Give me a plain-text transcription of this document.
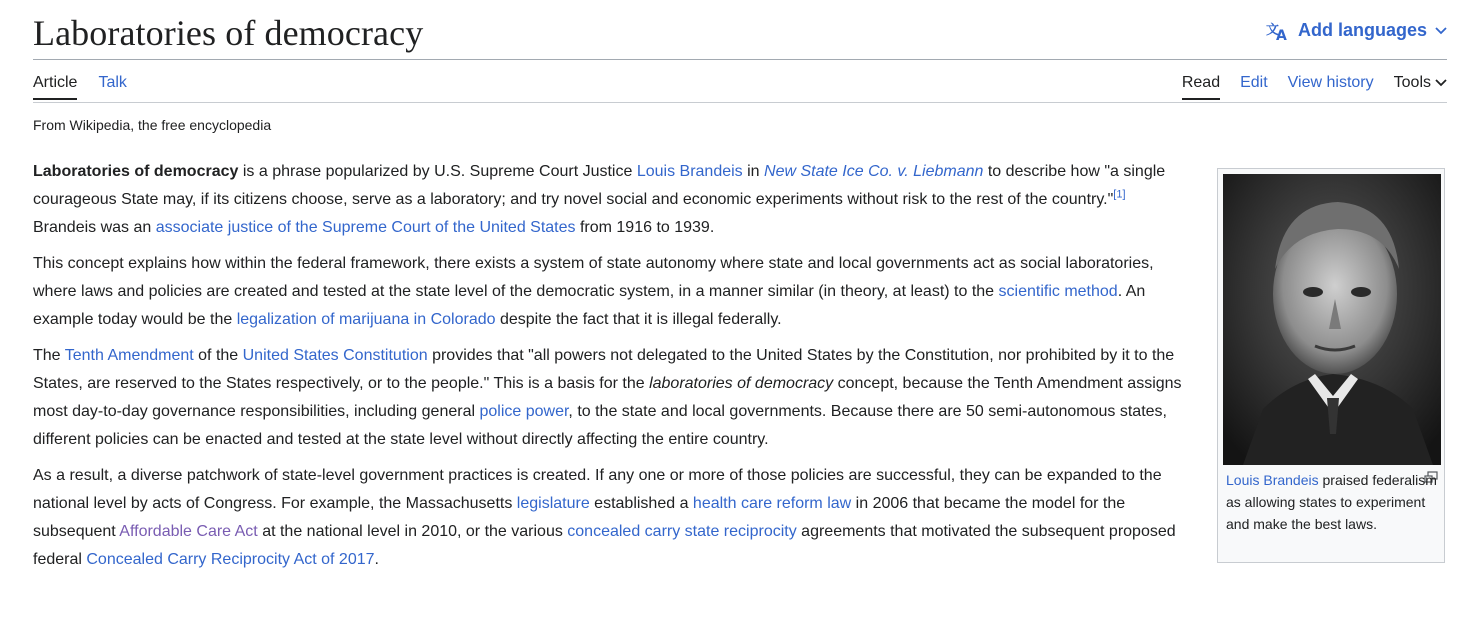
Laboratories of democracy	文
A Add languages
Article Talk	Read Edit View history Tools
From Wikipedia, the free encyclopedia

Laboratories of democracy is a phrase popularized by U.S. Supreme Court Justice Louis Brandeis in New State Ice Co. v. Liebmann to describe how "a single courageous State may, if its citizens choose, serve as a laboratory; and try novel social and economic experiments without risk to the rest of the country."[1] Brandeis was an associate justice of the Supreme Court of the United States from 1916 to 1939.

This concept explains how within the federal framework, there exists a system of state autonomy where state and local governments act as social laboratories, where laws and policies are created and tested at the state level of the democratic system, in a manner similar (in theory, at least) to the scientific method. An example today would be the legalization of marijuana in Colorado despite the fact that it is illegal federally.

The Tenth Amendment of the United States Constitution provides that "all powers not delegated to the United States by the Constitution, nor prohibited by it to the States, are reserved to the States respectively, or to the people." This is a basis for the laboratories of democracy concept, because the Tenth Amendment assigns most day-to-day governance responsibilities, including general police power, to the state and local governments. Because there are 50 semi-autonomous states, different policies can be enacted and tested at the state level without directly affecting the entire country.

As a result, a diverse patchwork of state-level government practices is created. If any one or more of those policies are successful, they can be expanded to the national level by acts of Congress. For example, the Massachusetts legislature established a health care reform law in 2006 that became the model for the subsequent Affordable Care Act at the national level in 2010, or the various concealed carry state reciprocity agreements that motivated the subsequent proposed federal Concealed Carry Reciprocity Act of 2017.

Louis Brandeis praised federalism as allowing states to experiment and make the best laws.
